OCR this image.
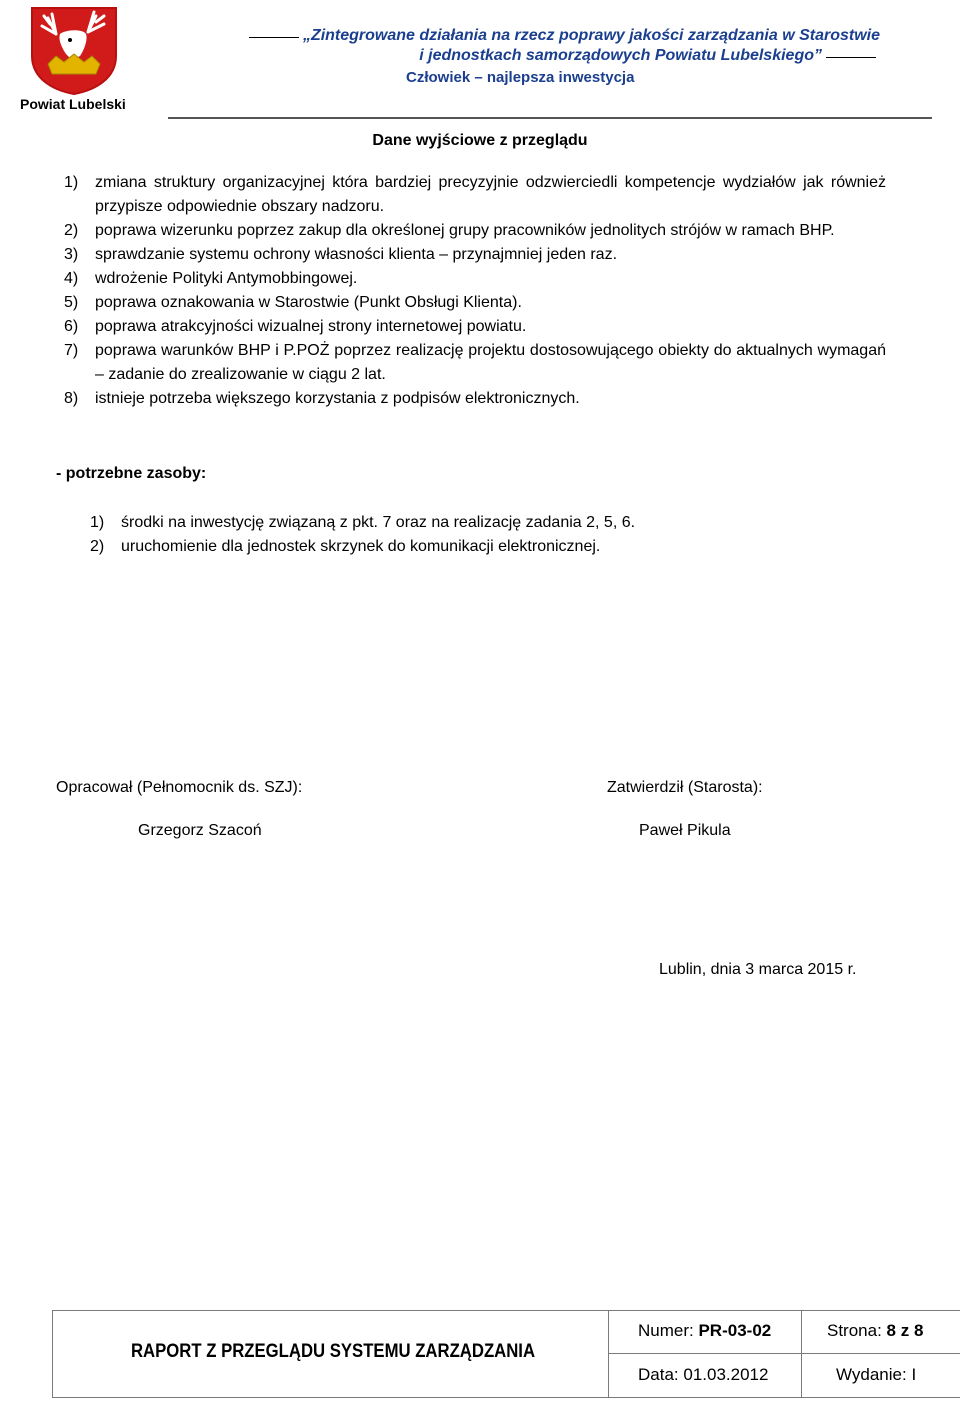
Powiat Lubelski
„Zintegrowane działania na rzecz poprawy jakości zarządzania w Starostwie
i jednostkach samorządowych Powiatu Lubelskiego”
Człowiek – najlepsza inwestycja
Dane wyjściowe z przeglądu
1) zmiana struktury organizacyjnej która bardziej precyzyjnie odzwierciedli kompetencje wydziałów jak również przypisze odpowiednie obszary nadzoru.
2) poprawa wizerunku poprzez zakup dla określonej grupy pracowników jednolitych strójów w ramach BHP.
3) sprawdzanie systemu ochrony własności klienta – przynajmniej jeden raz.
4) wdrożenie Polityki Antymobbingowej.
5) poprawa oznakowania w Starostwie (Punkt Obsługi Klienta).
6) poprawa atrakcyjności wizualnej strony internetowej powiatu.
7) poprawa warunków BHP i P.POŻ poprzez realizację projektu dostosowującego obiekty do aktualnych wymagań – zadanie do zrealizowanie w ciągu 2 lat.
8) istnieje potrzeba większego korzystania z podpisów elektronicznych.
- potrzebne zasoby:
1) środki na inwestycję związaną z pkt. 7 oraz na realizację zadania 2, 5, 6.
2) uruchomienie dla jednostek skrzynek do komunikacji elektronicznej.
Opracował (Pełnomocnik ds. SZJ):
Grzegorz Szacoń
Zatwierdził (Starosta):
Paweł Pikula
Lublin, dnia 3 marca 2015 r.
RAPORT Z PRZEGLĄDU SYSTEMU ZARZĄDZANIA
Numer: PR-03-02	Strona: 8 z 8
Data: 01.03.2012	Wydanie: I
